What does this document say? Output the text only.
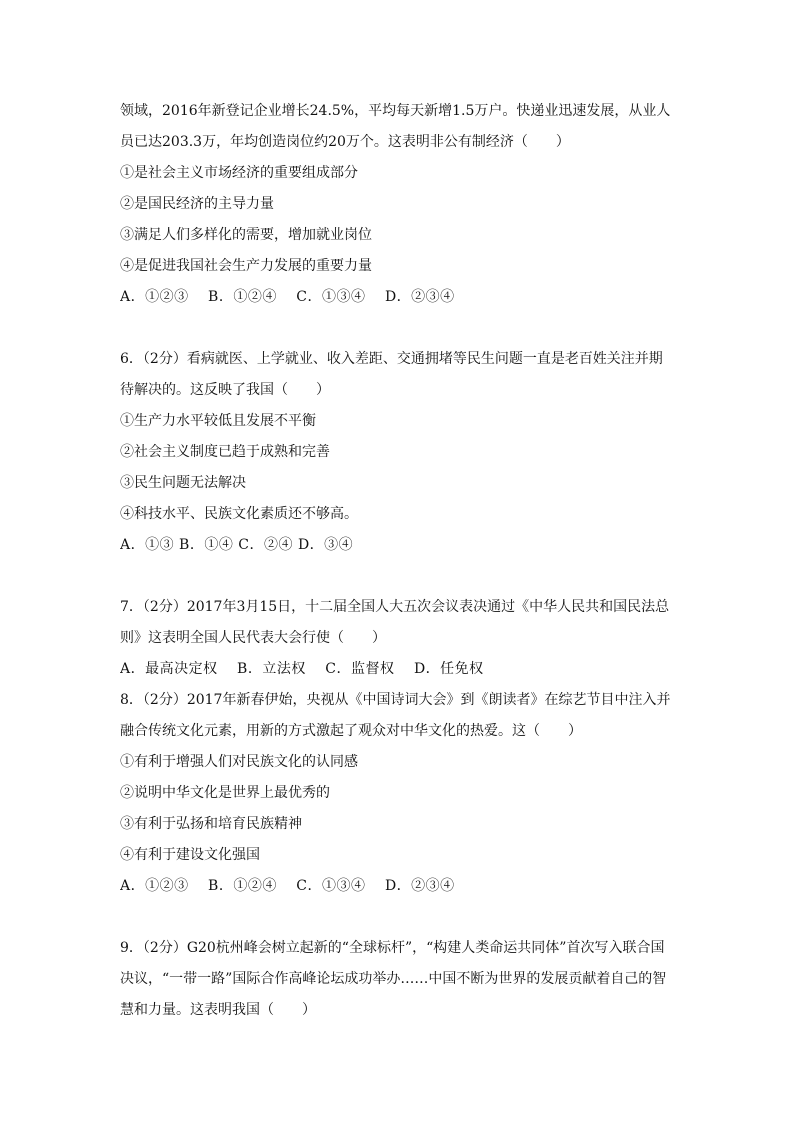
领域，2016年新登记企业增长24.5%，平均每天新增1.5万户。快递业迅速发展，从业人
员已达203.3万，年均创造岗位约20万个。这表明非公有制经济（　　）
①是社会主义市场经济的重要组成部分
②是国民经济的主导力量
③满足人们多样化的需要，增加就业岗位
④是促进我国社会生产力发展的重要力量
A．①②③　 B．①②④　 C．①③④　 D．②③④
6．（2分）看病就医、上学就业、收入差距、交通拥堵等民生问题一直是老百姓关注并期
待解决的。这反映了我国（　　）
①生产力水平较低且发展不平衡
②社会主义制度已趋于成熟和完善
③民生问题无法解决
④科技水平、民族文化素质还不够高。
A．①③ B．①④ C．②④ D．③④
7．（2分）2017年3月15日，十二届全国人大五次会议表决通过《中华人民共和国民法总
则》这表明全国人民代表大会行使（　　）
A．最高决定权　 B．立法权　 C．监督权　 D．任免权
8．（2分）2017年新春伊始，央视从《中国诗词大会》到《朗读者》在综艺节目中注入并
融合传统文化元素，用新的方式激起了观众对中华文化的热爱。这（　　）
①有利于增强人们对民族文化的认同感
②说明中华文化是世界上最优秀的
③有利于弘扬和培育民族精神
④有利于建设文化强国
A．①②③　 B．①②④　 C．①③④　 D．②③④
9．（2分）G20杭州峰会树立起新的“全球标杆”，“构建人类命运共同体”首次写入联合国
决议，“一带一路”国际合作高峰论坛成功举办……中国不断为世界的发展贡献着自己的智
慧和力量。这表明我国（　　）
